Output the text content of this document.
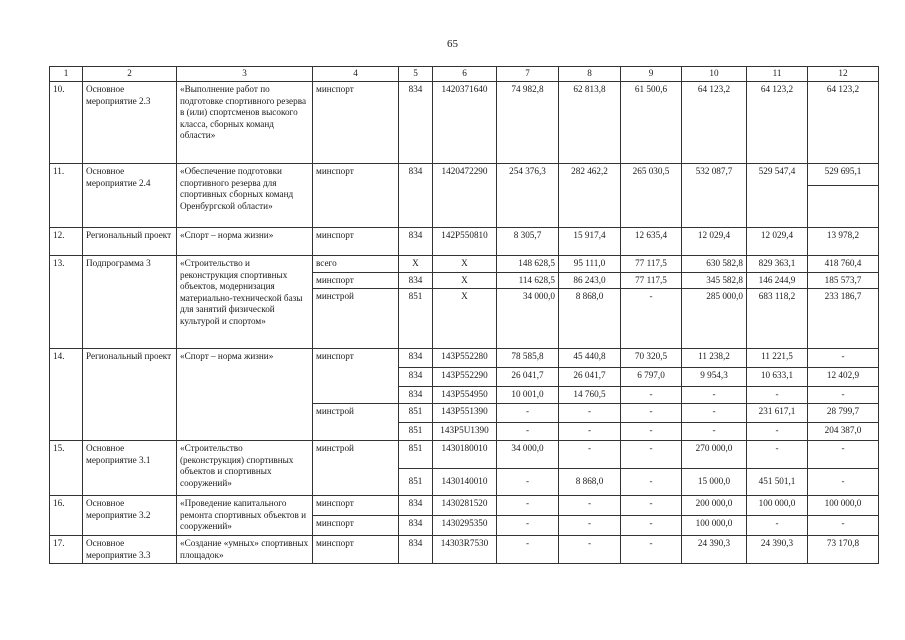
65
1	2	3	4	5	6	7	8	9	10	11	12
10.	Основное мероприятие 2.3	«Выполнение работ по подготовке спортивного резерва в (или) спортсменов высокого класса, сборных команд области»	минспорт	834	1420371640	74 982,8	62 813,8	61 500,6	64 123,2	64 123,2	64 123,2
11.	Основное мероприятие 2.4	«Обеспечение подготовки спортивного резерва для спортивных сборных команд Оренбургской области»	минспорт	834	1420472290	254 376,3	282 462,2	265 030,5	532 087,7	529 547,4	529 695,1

12.	Региональный проект	«Спорт – норма жизни»	минспорт	834	142P550810	8 305,7	15 917,4	12 635,4	12 029,4	12 029,4	13 978,2
13.	Подпрограмма 3	«Строительство и реконструкция спортивных объектов, модернизация материально-технической базы для занятий физической культурой и спортом»	всего	X	X	148 628,5	95 111,0	77 117,5	630 582,8	829 363,1	418 760,4
			минспорт	834	X	114 628,5	86 243,0	77 117,5	345 582,8	146 244,9	185 573,7
			минстрой	851	X	34 000,0	8 868,0	-	285 000,0	683 118,2	233 186,7
14.	Региональный проект	«Спорт – норма жизни»	минспорт	834	143P552280	78 585,8	45 440,8	70 320,5	11 238,2	11 221,5	-
				834	143P552290	26 041,7	26 041,7	6 797,0	9 954,3	10 633,1	12 402,9
				834	143P554950	10 001,0	14 760,5	-	-	-	-
			минстрой	851	143P551390	-	-	-	-	231 617,1	28 799,7
				851	143P5U1390	-	-	-	-	-	204 387,0
15.	Основное мероприятие 3.1	«Строительство (реконструкция) спортивных объектов и спортивных сооружений»	минстрой	851	1430180010	34 000,0	-	-	270 000,0	-	-
				851	1430140010	-	8 868,0	-	15 000,0	451 501,1	-
16.	Основное мероприятие 3.2	«Проведение капитального ремонта спортивных объектов и сооружений»	минспорт	834	1430281520	-	-	-	200 000,0	100 000,0	100 000,0
			минспорт	834	1430295350	-	-	-	100 000,0	-	-
17.	Основное мероприятие 3.3	«Создание «умных» спортивных площадок»	минспорт	834	14303R7530	-	-	-	24 390,3	24 390,3	73 170,8
